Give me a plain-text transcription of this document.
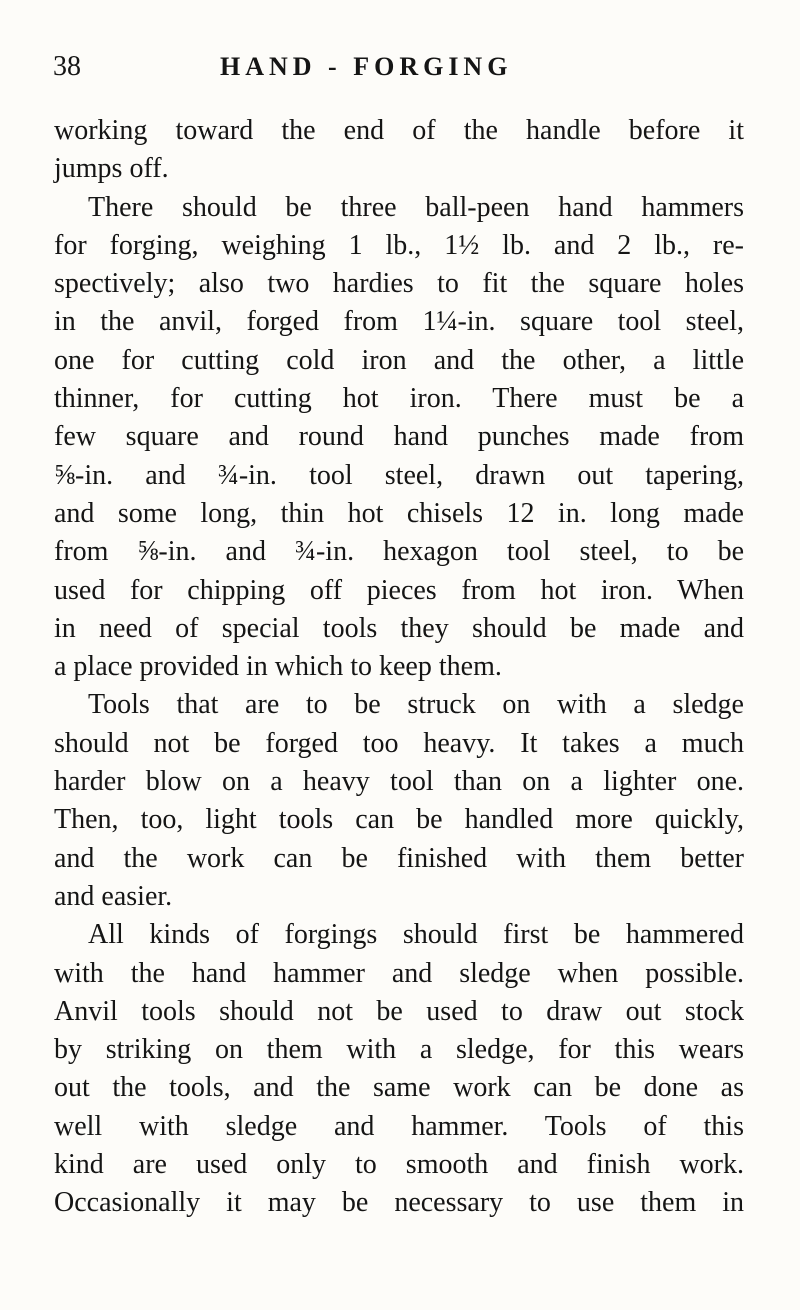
38	HAND - FORGING
working toward the end of the handle before it
jumps off.
There should be three ball-peen hand hammers
for forging, weighing 1 lb., 1½ lb. and 2 lb., re-
spectively; also two hardies to fit the square holes
in the anvil, forged from 1¼-in. square tool steel,
one for cutting cold iron and the other, a little
thinner, for cutting hot iron. There must be a
few square and round hand punches made from
⅝-in. and ¾-in. tool steel, drawn out tapering,
and some long, thin hot chisels 12 in. long made
from ⅝-in. and ¾-in. hexagon tool steel, to be
used for chipping off pieces from hot iron. When
in need of special tools they should be made and
a place provided in which to keep them.
Tools that are to be struck on with a sledge
should not be forged too heavy. It takes a much
harder blow on a heavy tool than on a lighter one.
Then, too, light tools can be handled more quickly,
and the work can be finished with them better
and easier.
All kinds of forgings should first be hammered
with the hand hammer and sledge when possible.
Anvil tools should not be used to draw out stock
by striking on them with a sledge, for this wears
out the tools, and the same work can be done as
well with sledge and hammer. Tools of this
kind are used only to smooth and finish work.
Occasionally it may be necessary to use them in
